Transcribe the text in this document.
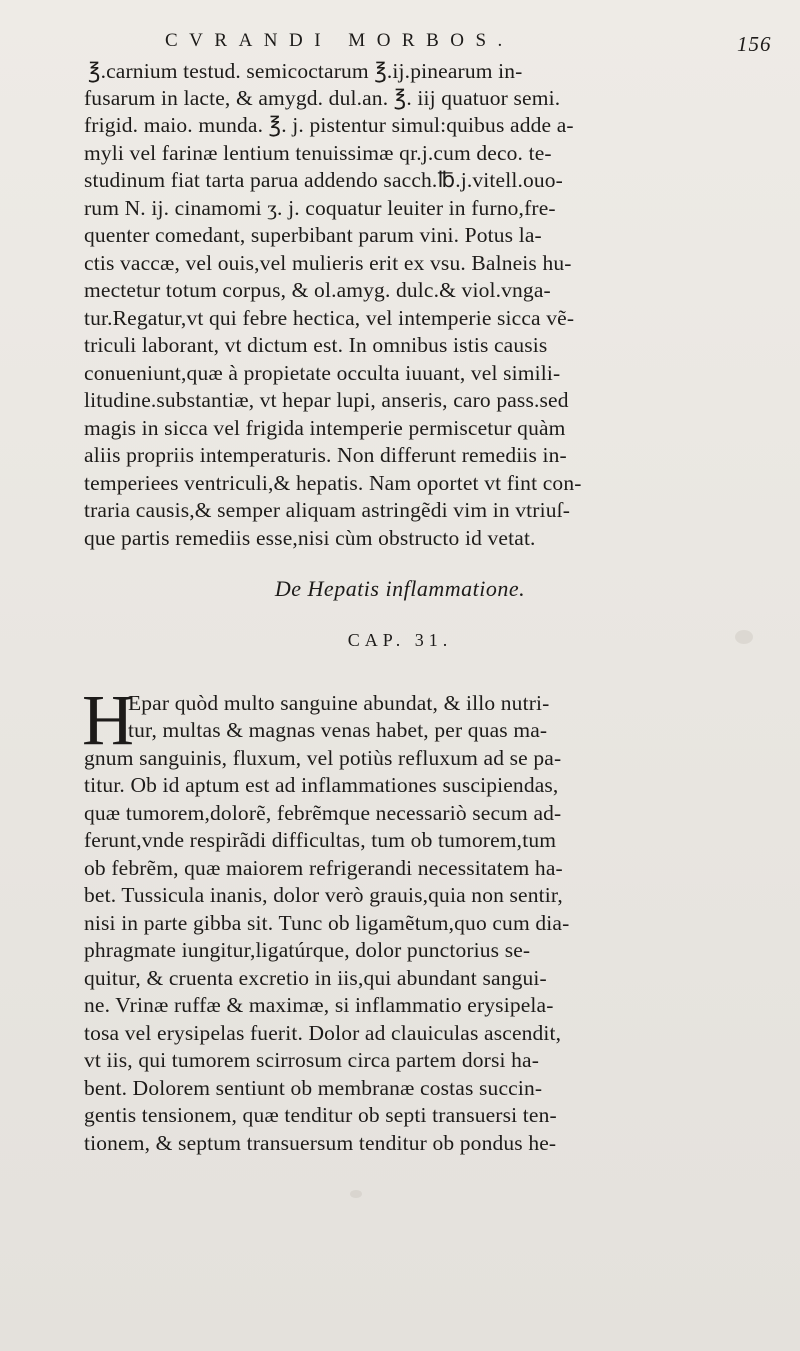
CVRANDI MORBOS.	156
℥.carnium testud. semicoctarum ℥.ij.pinearum in-
fusarum in lacte, & amygd. dul.an. ℥. iij quatuor semi.
frigid. maio. munda. ℥. j. pistentur simul:quibus adde a-
myli vel farinæ lentium tenuissimæ qr.j.cum deco. te-
studinum fiat tarta parua addendo sacch.℔.j.vitell.ouo-
rum N. ij. cinamomi ʒ. j. coquatur leuiter in furno,fre-
quenter comedant, superbibant parum vini. Potus la-
ctis vaccæ, vel ouis,vel mulieris erit ex vsu. Balneis hu-
mectetur totum corpus, & ol.amyg. dulc.& viol.vnga-
tur.Regatur,vt qui febre hectica, vel intemperie sicca vẽ-
triculi laborant, vt dictum est. In omnibus istis causis
conueniunt,quæ à propietate occulta iuuant, vel simili-
litudine.substantiæ, vt hepar lupi, anseris, caro pass.sed
magis in sicca vel frigida intemperie permiscetur quàm
aliis propriis intemperaturis. Non differunt remediis in-
temperiees ventriculi,& hepatis. Nam oportet vt fint con-
traria causis,& semper aliquam astringẽdi vim in vtriuſ-
que partis remediis esse,nisi cùm obstructo id vetat.
De Hepatis inflammatione.
CAP. 31.
H
Epar quòd multo sanguine abundat, & illo nutri-
tur, multas & magnas venas habet, per quas ma-
gnum sanguinis, fluxum, vel potiùs refluxum ad se pa-
titur. Ob id aptum est ad inflammationes suscipiendas,
quæ tumorem,dolorẽ, febrẽmque necessariò secum ad-
ferunt,vnde respirãdi difficultas, tum ob tumorem,tum
ob febrẽm, quæ maiorem refrigerandi necessitatem ha-
bet. Tussicula inanis, dolor verò grauis,quia non sentir,
nisi in parte gibba sit. Tunc ob ligamẽtum,quo cum dia-
phragmate iungitur,ligatúrque, dolor punctorius se-
quitur, & cruenta excretio in iis,qui abundant sangui-
ne. Vrinæ ruffæ & maximæ, si inflammatio erysipela-
tosa vel erysipelas fuerit. Dolor ad clauiculas ascendit,
vt iis, qui tumorem scirrosum circa partem dorsi ha-
bent. Dolorem sentiunt ob membranæ costas succin-
gentis tensionem, quæ tenditur ob septi transuersi ten-
tionem, & septum transuersum tenditur ob pondus he-
